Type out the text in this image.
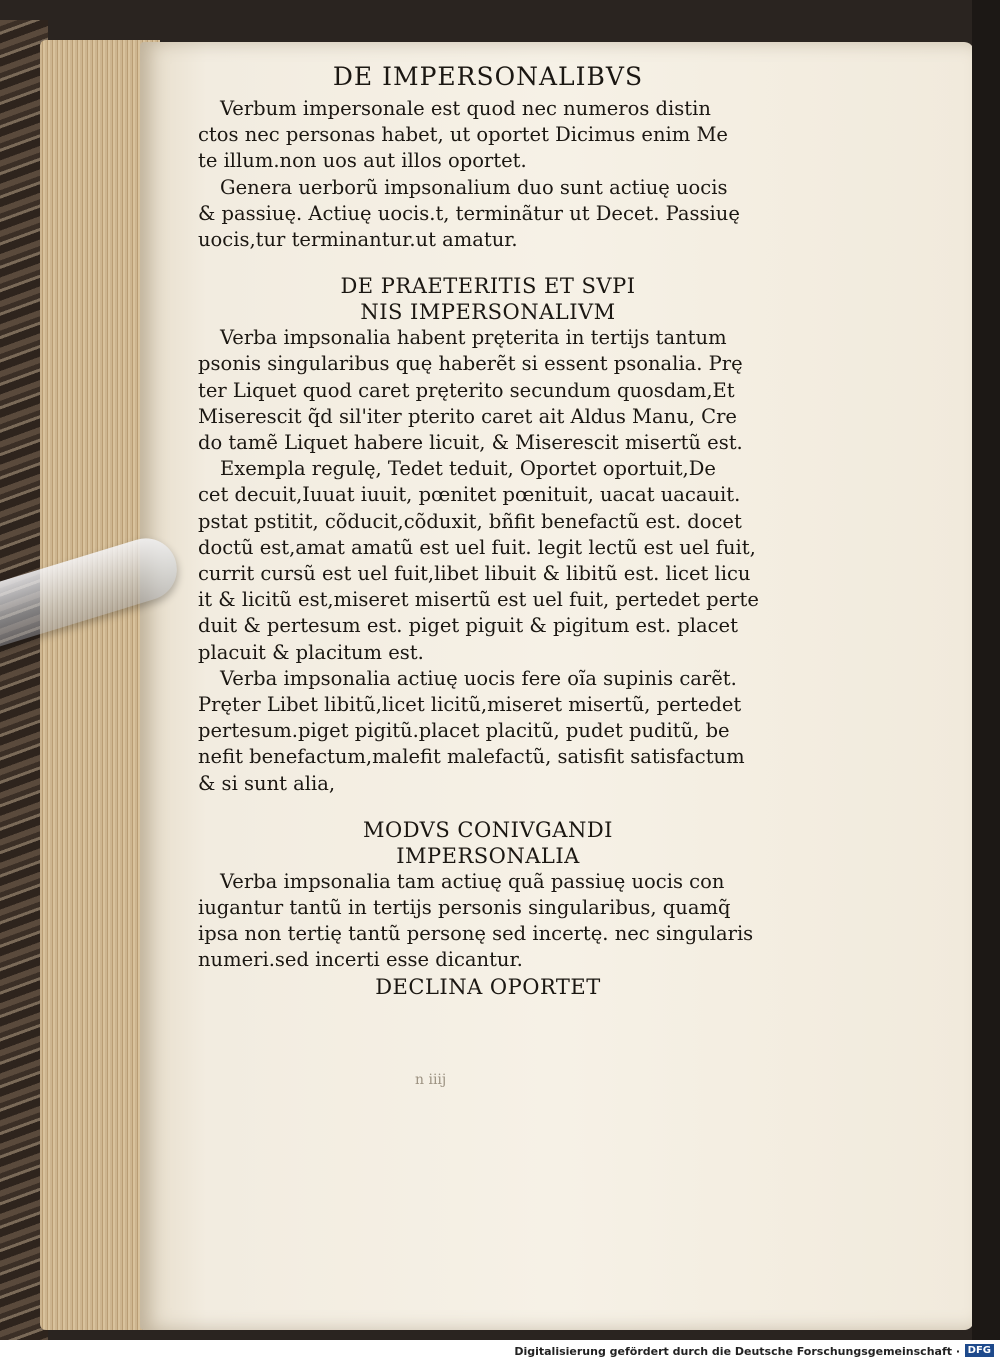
DE IMPERSONALIBVS

Verbum impersonale est quod nec numeros distin
ctos nec personas habet, ut oportet Dicimus enim Me
te illum.non uos aut illos oportet.

Genera uerborũ impsonalium duo sunt actiuę uocis
& passiuę. Actiuę uocis.t, terminãtur ut Decet. Passiuę
uocis,tur terminantur.ut amatur.

DE PRAETERITIS ET SVPI
NIS IMPERSONALIVM

Verba impsonalia habent pręterita in tertijs tantum
psonis singularibus quę haberẽt si essent psonalia. Prę
ter Liquet quod caret pręterito secundum quosdam,Et
Miserescit q̃d sil'iter pterito caret ait Aldus Manu, Cre
do tamẽ Liquet habere licuit, & Miserescit misertũ est.

Exempla regulę, Tedet teduit, Oportet oportuit,De
cet decuit,Iuuat iuuit, pœnitet pœnituit, uacat uacauit.
pstat pstitit, cõducit,cõduxit, bñfit benefactũ est. docet
doctũ est,amat amatũ est uel fuit. legit lectũ est uel fuit,
currit cursũ est uel fuit,libet libuit & libitũ est. licet licu
it & licitũ est,miseret misertũ est uel fuit, pertedet perte
duit & pertesum est. piget piguit & pigitum est. placet
placuit & placitum est.

Verba impsonalia actiuę uocis fere oĩa supinis carẽt.
Pręter Libet libitũ,licet licitũ,miseret misertũ, pertedet
pertesum.piget pigitũ.placet placitũ, pudet puditũ, be
nefit benefactum,malefit malefactũ, satisfit satisfactum
& si sunt alia,

MODVS CONIVGANDI
IMPERSONALIA

Verba impsonalia tam actiuę quã passiuę uocis con
iugantur tantũ in tertijs personis singularibus, quamq̃
ipsa non tertię tantũ personę sed incertę. nec singularis
numeri.sed incerti esse dicantur.

DECLINA OPORTET
n iiij
Digitalisierung gefördert durch die Deutsche Forschungsgemeinschaft · DFG
